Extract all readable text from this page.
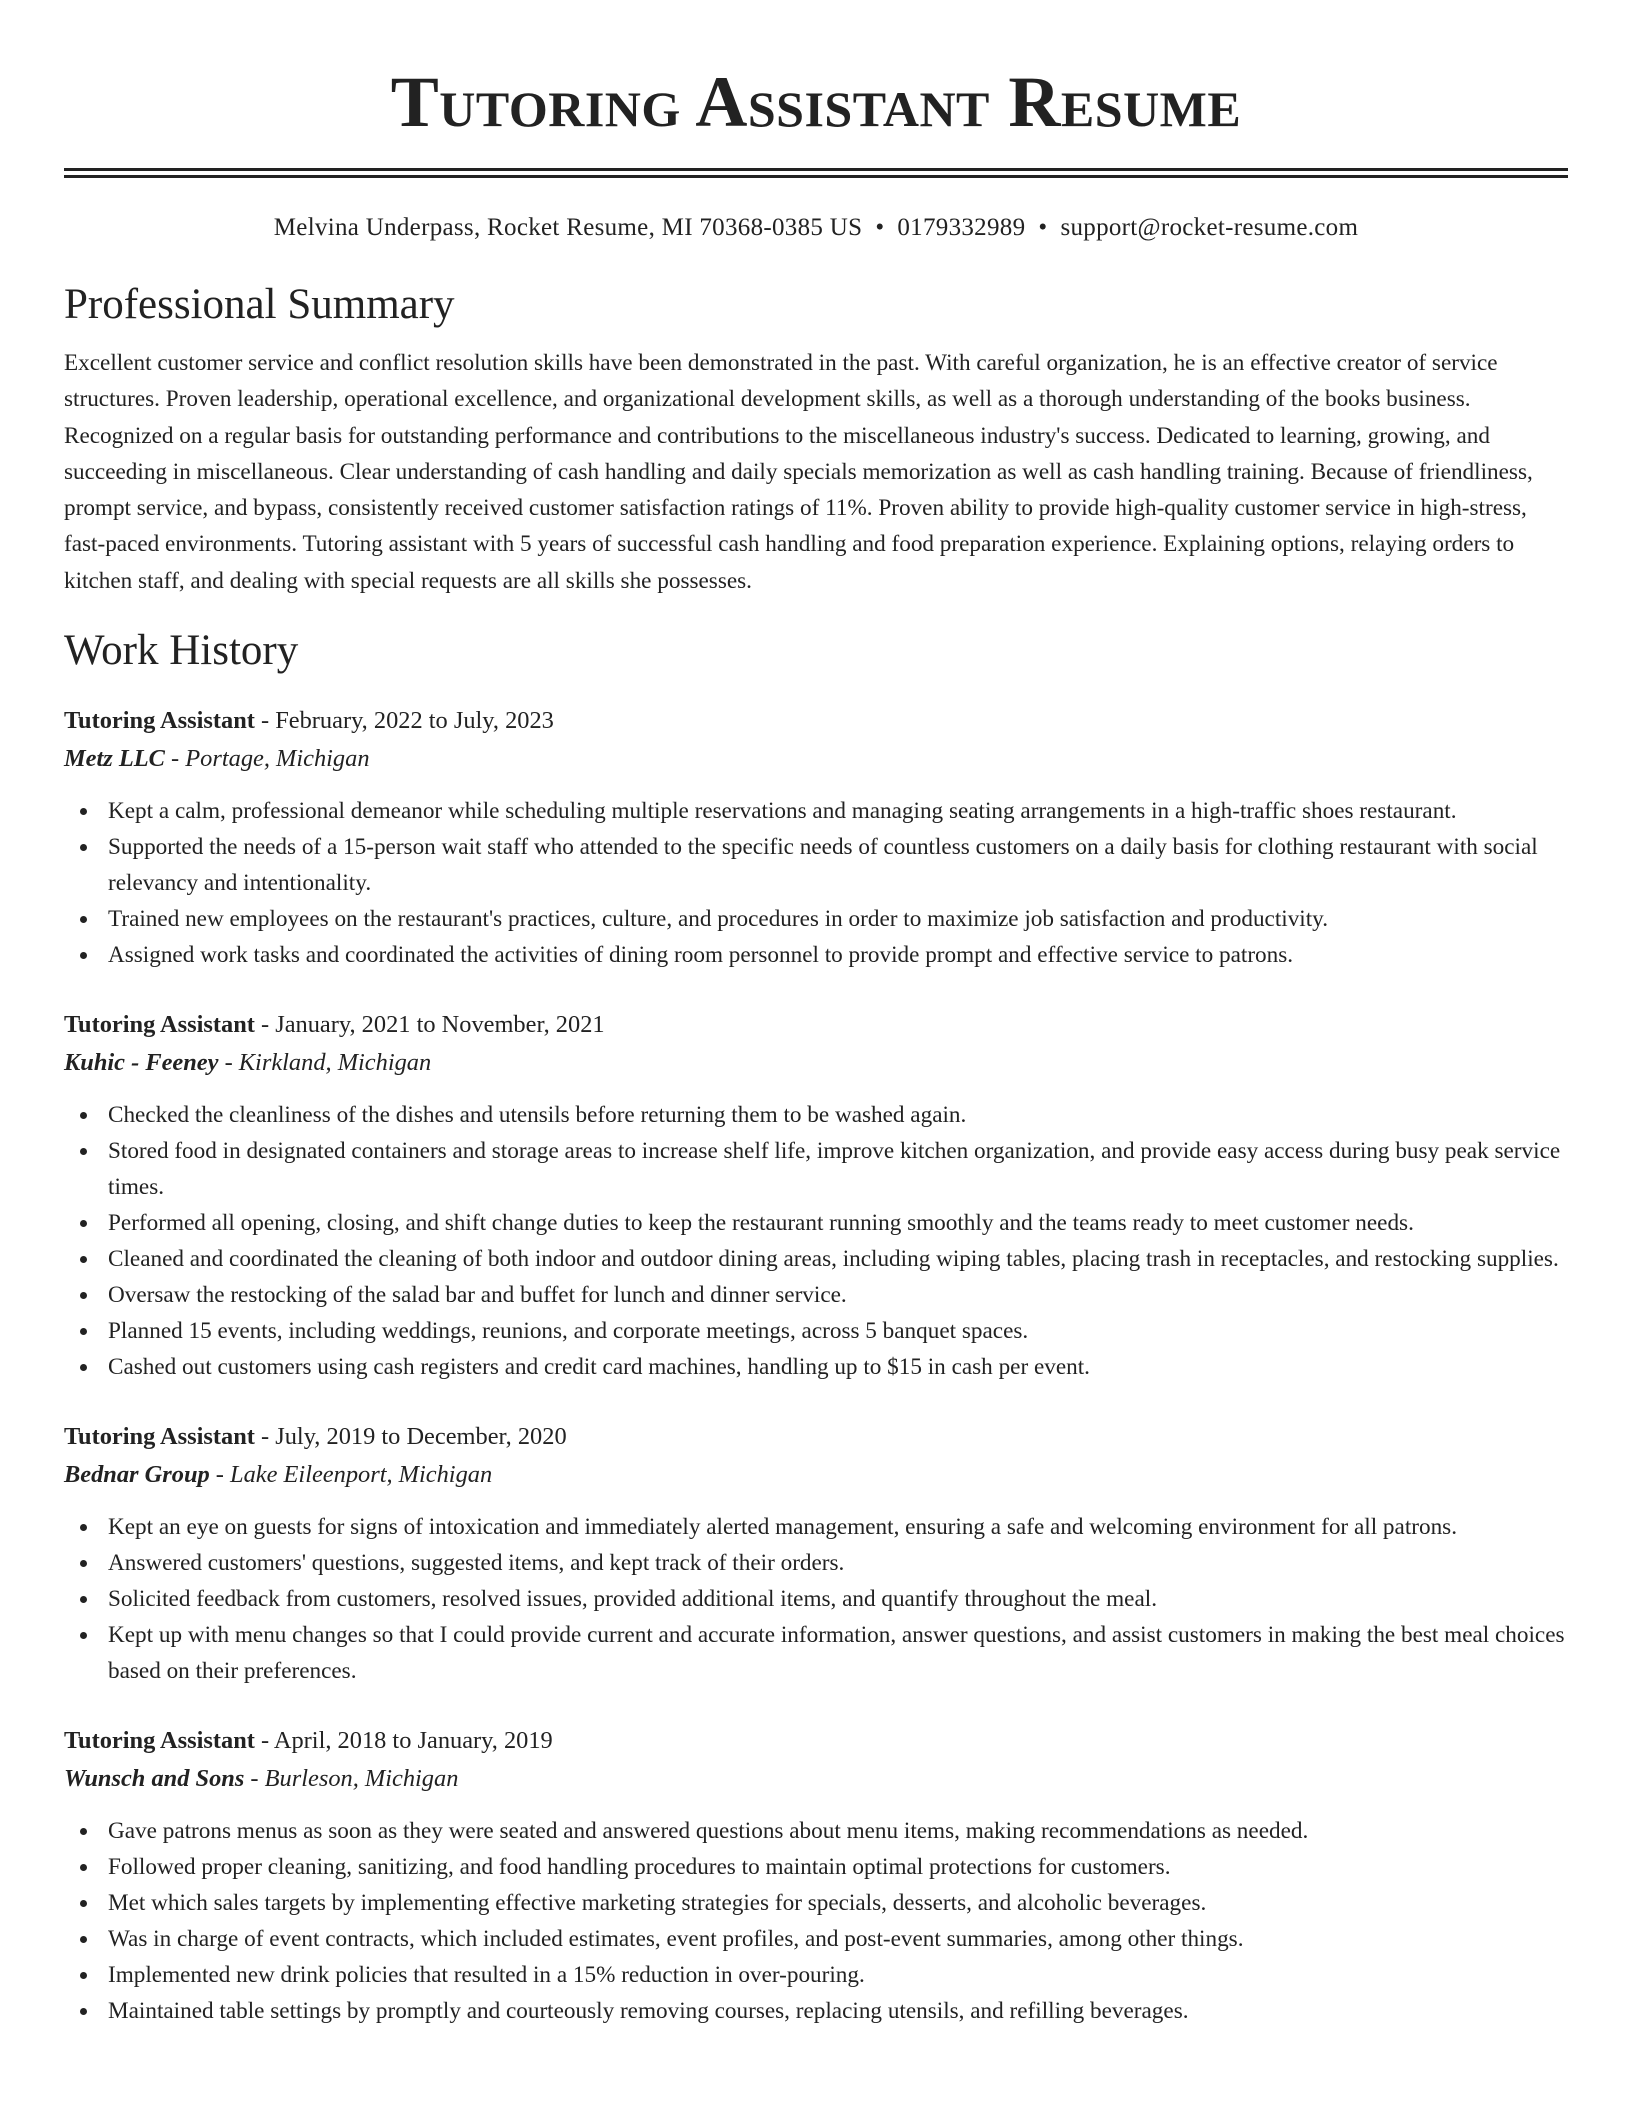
Tutoring Assistant Resume
Melvina Underpass, Rocket Resume, MI 70368-0385 US • 0179332989 • support@rocket-resume.com
Professional Summary

Excellent customer service and conflict resolution skills have been demonstrated in the past. With careful organization, he is an effective creator of service structures. Proven leadership, operational excellence, and organizational development skills, as well as a thorough understanding of the books business. Recognized on a regular basis for outstanding performance and contributions to the miscellaneous industry's success. Dedicated to learning, growing, and succeeding in miscellaneous. Clear understanding of cash handling and daily specials memorization as well as cash handling training. Because of friendliness, prompt service, and bypass, consistently received customer satisfaction ratings of 11%. Proven ability to provide high-quality customer service in high-stress, fast-paced environments. Tutoring assistant with 5 years of successful cash handling and food preparation experience. Explaining options, relaying orders to kitchen staff, and dealing with special requests are all skills she possesses.

Work History
Tutoring Assistant - February, 2022 to July, 2023
Metz LLC - Portage, Michigan
Kept a calm, professional demeanor while scheduling multiple reservations and managing seating arrangements in a high-traffic shoes restaurant.
Supported the needs of a 15-person wait staff who attended to the specific needs of countless customers on a daily basis for clothing restaurant with social relevancy and intentionality.
Trained new employees on the restaurant's practices, culture, and procedures in order to maximize job satisfaction and productivity.
Assigned work tasks and coordinated the activities of dining room personnel to provide prompt and effective service to patrons.
Tutoring Assistant - January, 2021 to November, 2021
Kuhic - Feeney - Kirkland, Michigan
Checked the cleanliness of the dishes and utensils before returning them to be washed again.
Stored food in designated containers and storage areas to increase shelf life, improve kitchen organization, and provide easy access during busy peak service times.
Performed all opening, closing, and shift change duties to keep the restaurant running smoothly and the teams ready to meet customer needs.
Cleaned and coordinated the cleaning of both indoor and outdoor dining areas, including wiping tables, placing trash in receptacles, and restocking supplies.
Oversaw the restocking of the salad bar and buffet for lunch and dinner service.
Planned 15 events, including weddings, reunions, and corporate meetings, across 5 banquet spaces.
Cashed out customers using cash registers and credit card machines, handling up to $15 in cash per event.
Tutoring Assistant - July, 2019 to December, 2020
Bednar Group - Lake Eileenport, Michigan
Kept an eye on guests for signs of intoxication and immediately alerted management, ensuring a safe and welcoming environment for all patrons.
Answered customers' questions, suggested items, and kept track of their orders.
Solicited feedback from customers, resolved issues, provided additional items, and quantify throughout the meal.
Kept up with menu changes so that I could provide current and accurate information, answer questions, and assist customers in making the best meal choices based on their preferences.
Tutoring Assistant - April, 2018 to January, 2019
Wunsch and Sons - Burleson, Michigan
Gave patrons menus as soon as they were seated and answered questions about menu items, making recommendations as needed.
Followed proper cleaning, sanitizing, and food handling procedures to maintain optimal protections for customers.
Met which sales targets by implementing effective marketing strategies for specials, desserts, and alcoholic beverages.
Was in charge of event contracts, which included estimates, event profiles, and post-event summaries, among other things.
Implemented new drink policies that resulted in a 15% reduction in over-pouring.
Maintained table settings by promptly and courteously removing courses, replacing utensils, and refilling beverages.
